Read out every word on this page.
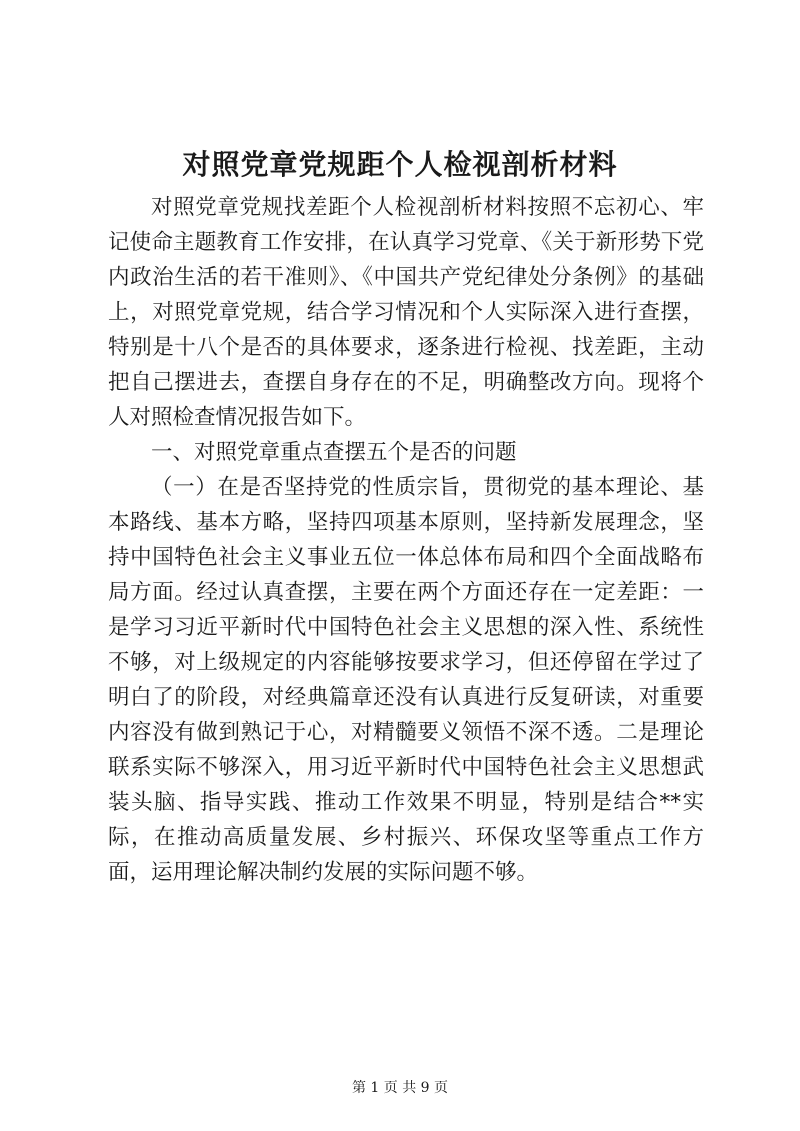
对照党章党规距个人检视剖析材料

对照党章党规找差距个人检视剖析材料按照不忘初心、牢记使命主题教育工作安排，在认真学习党章、《关于新形势下党内政治生活的若干准则》、《中国共产党纪律处分条例》的基础上，对照党章党规，结合学习情况和个人实际深入进行查摆，特别是十八个是否的具体要求，逐条进行检视、找差距，主动把自己摆进去，查摆自身存在的不足，明确整改方向。现将个人对照检查情况报告如下。

一、对照党章重点查摆五个是否的问题

（一）在是否坚持党的性质宗旨，贯彻党的基本理论、基本路线、基本方略，坚持四项基本原则，坚持新发展理念，坚持中国特色社会主义事业五位一体总体布局和四个全面战略布局方面。经过认真查摆，主要在两个方面还存在一定差距：一是学习习近平新时代中国特色社会主义思想的深入性、系统性不够，对上级规定的内容能够按要求学习，但还停留在学过了明白了的阶段，对经典篇章还没有认真进行反复研读，对重要内容没有做到熟记于心，对精髓要义领悟不深不透。二是理论联系实际不够深入，用习近平新时代中国特色社会主义思想武装头脑、指导实践、推动工作效果不明显，特别是结合**实际，在推动高质量发展、乡村振兴、环保攻坚等重点工作方面，运用理论解决制约发展的实际问题不够。

第 1 页 共 9 页
